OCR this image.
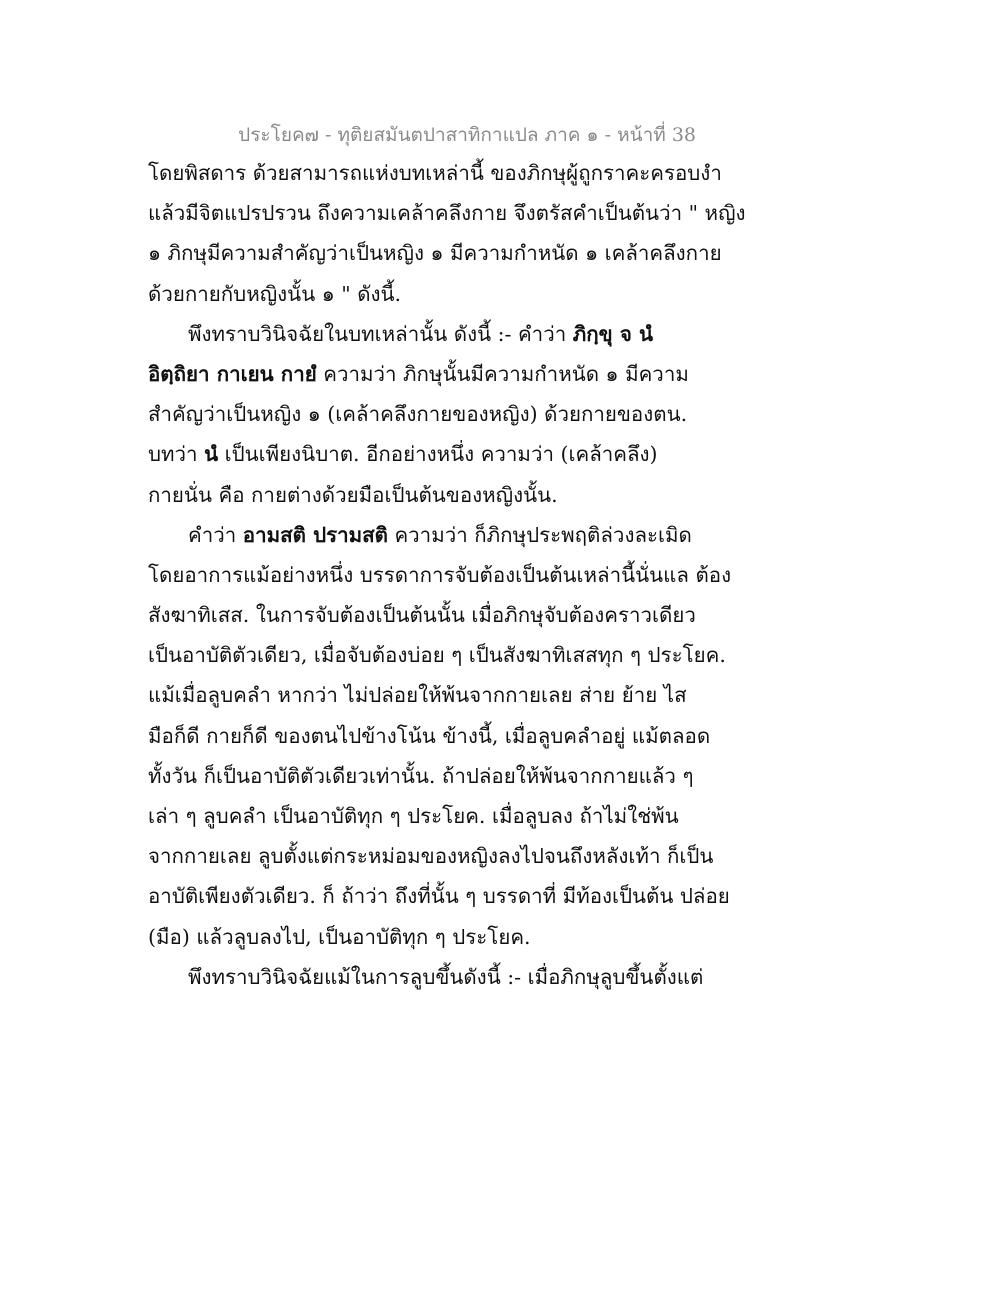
ประโยค๗ - ทุติยสมันตปาสาทิกาแปล ภาค ๑ - หน้าที่ 38
โดยพิสดาร ด้วยสามารถแห่งบทเหล่านี้ ของภิกษุผู้ถูกราคะครอบงำ
แล้วมีจิตแปรปรวน ถึงความเคล้าคลึงกาย จึงตรัสคำเป็นต้นว่า " หญิง
๑ ภิกษุมีความสำคัญว่าเป็นหญิง ๑ มีความกำหนัด ๑ เคล้าคลึงกาย
ด้วยกายกับหญิงนั้น ๑ " ดังนี้.
พึงทราบวินิจฉัยในบทเหล่านั้น ดังนี้ :- คำว่า ภิกฺขุ จ นํ
อิตฺถิยา กาเยน กายํ ความว่า ภิกษุนั้นมีความกำหนัด ๑ มีความ
สำคัญว่าเป็นหญิง ๑ (เคล้าคลึงกายของหญิง) ด้วยกายของตน.
บทว่า นํ เป็นเพียงนิบาต. อีกอย่างหนึ่ง ความว่า (เคล้าคลึง)
กายนั่น คือ กายต่างด้วยมือเป็นต้นของหญิงนั้น.
คำว่า อามสติ ปรามสติ ความว่า ก็ภิกษุประพฤติล่วงละเมิด
โดยอาการแม้อย่างหนึ่ง บรรดาการจับต้องเป็นต้นเหล่านี้นั่นแล ต้อง
สังฆาทิเสส. ในการจับต้องเป็นต้นนั้น เมื่อภิกษุจับต้องคราวเดียว
เป็นอาบัติตัวเดียว, เมื่อจับต้องบ่อย ๆ เป็นสังฆาทิเสสทุก ๆ ประโยค.
แม้เมื่อลูบคลำ หากว่า ไม่ปล่อยให้พ้นจากกายเลย ส่าย ย้าย ไส
มือก็ดี กายก็ดี ของตนไปข้างโน้น ข้างนี้, เมื่อลูบคลำอยู่ แม้ตลอด
ทั้งวัน ก็เป็นอาบัติตัวเดียวเท่านั้น. ถ้าปล่อยให้พ้นจากกายแล้ว ๆ
เล่า ๆ ลูบคลำ เป็นอาบัติทุก ๆ ประโยค. เมื่อลูบลง ถ้าไม่ใช่พ้น
จากกายเลย ลูบตั้งแต่กระหม่อมของหญิงลงไปจนถึงหลังเท้า ก็เป็น
อาบัติเพียงตัวเดียว. ก็ ถ้าว่า ถึงที่นั้น ๆ บรรดาที่ มีท้องเป็นต้น ปล่อย
(มือ) แล้วลูบลงไป, เป็นอาบัติทุก ๆ ประโยค.
พึงทราบวินิจฉัยแม้ในการลูบขึ้นดังนี้ :- เมื่อภิกษุลูบขึ้นตั้งแต่
